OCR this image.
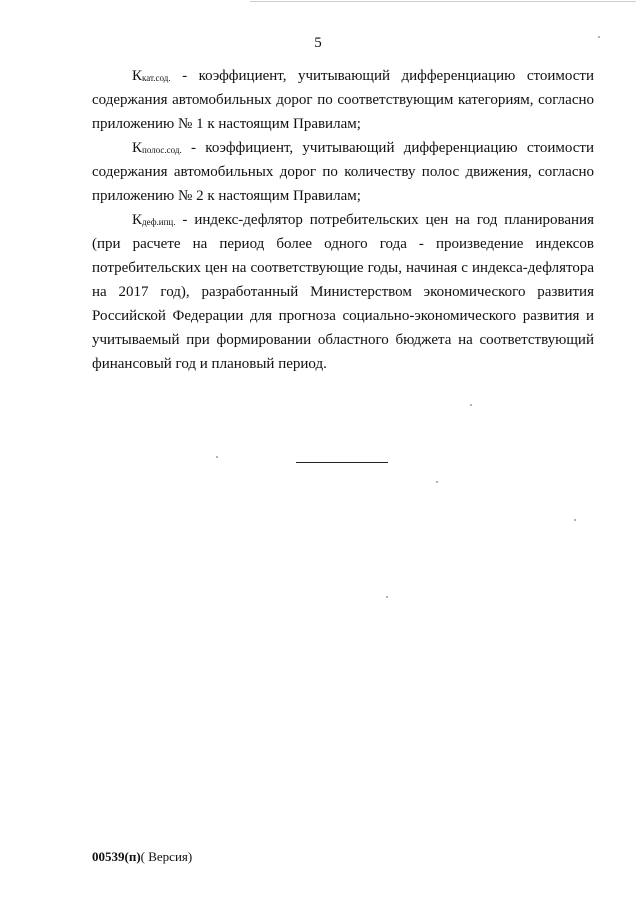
5

$К_{кат.сод.}$ - коэффициент, учитывающий дифференциацию стоимости содержания автомобильных дорог по соответствующим категориям, согласно приложению № 1 к настоящим Правилам;

$К_{полос.сод.}$ - коэффициент, учитывающий дифференциацию стоимости содержания автомобильных дорог по количеству полос движения, согласно приложению № 2 к настоящим Правилам;

$К_{деф.ипц.}$ - индекс-дефлятор потребительских цен на год планирования (при расчете на период более одного года - произведение индексов потребительских цен на соответствующие годы, начиная с индекса-дефлятора на 2017 год), разработанный Министерством экономического развития Российской Федерации для прогноза социально-экономического развития и учитываемый при формировании областного бюджета на соответствующий финансовый год и плановый период.

00539(п)( Версия)
